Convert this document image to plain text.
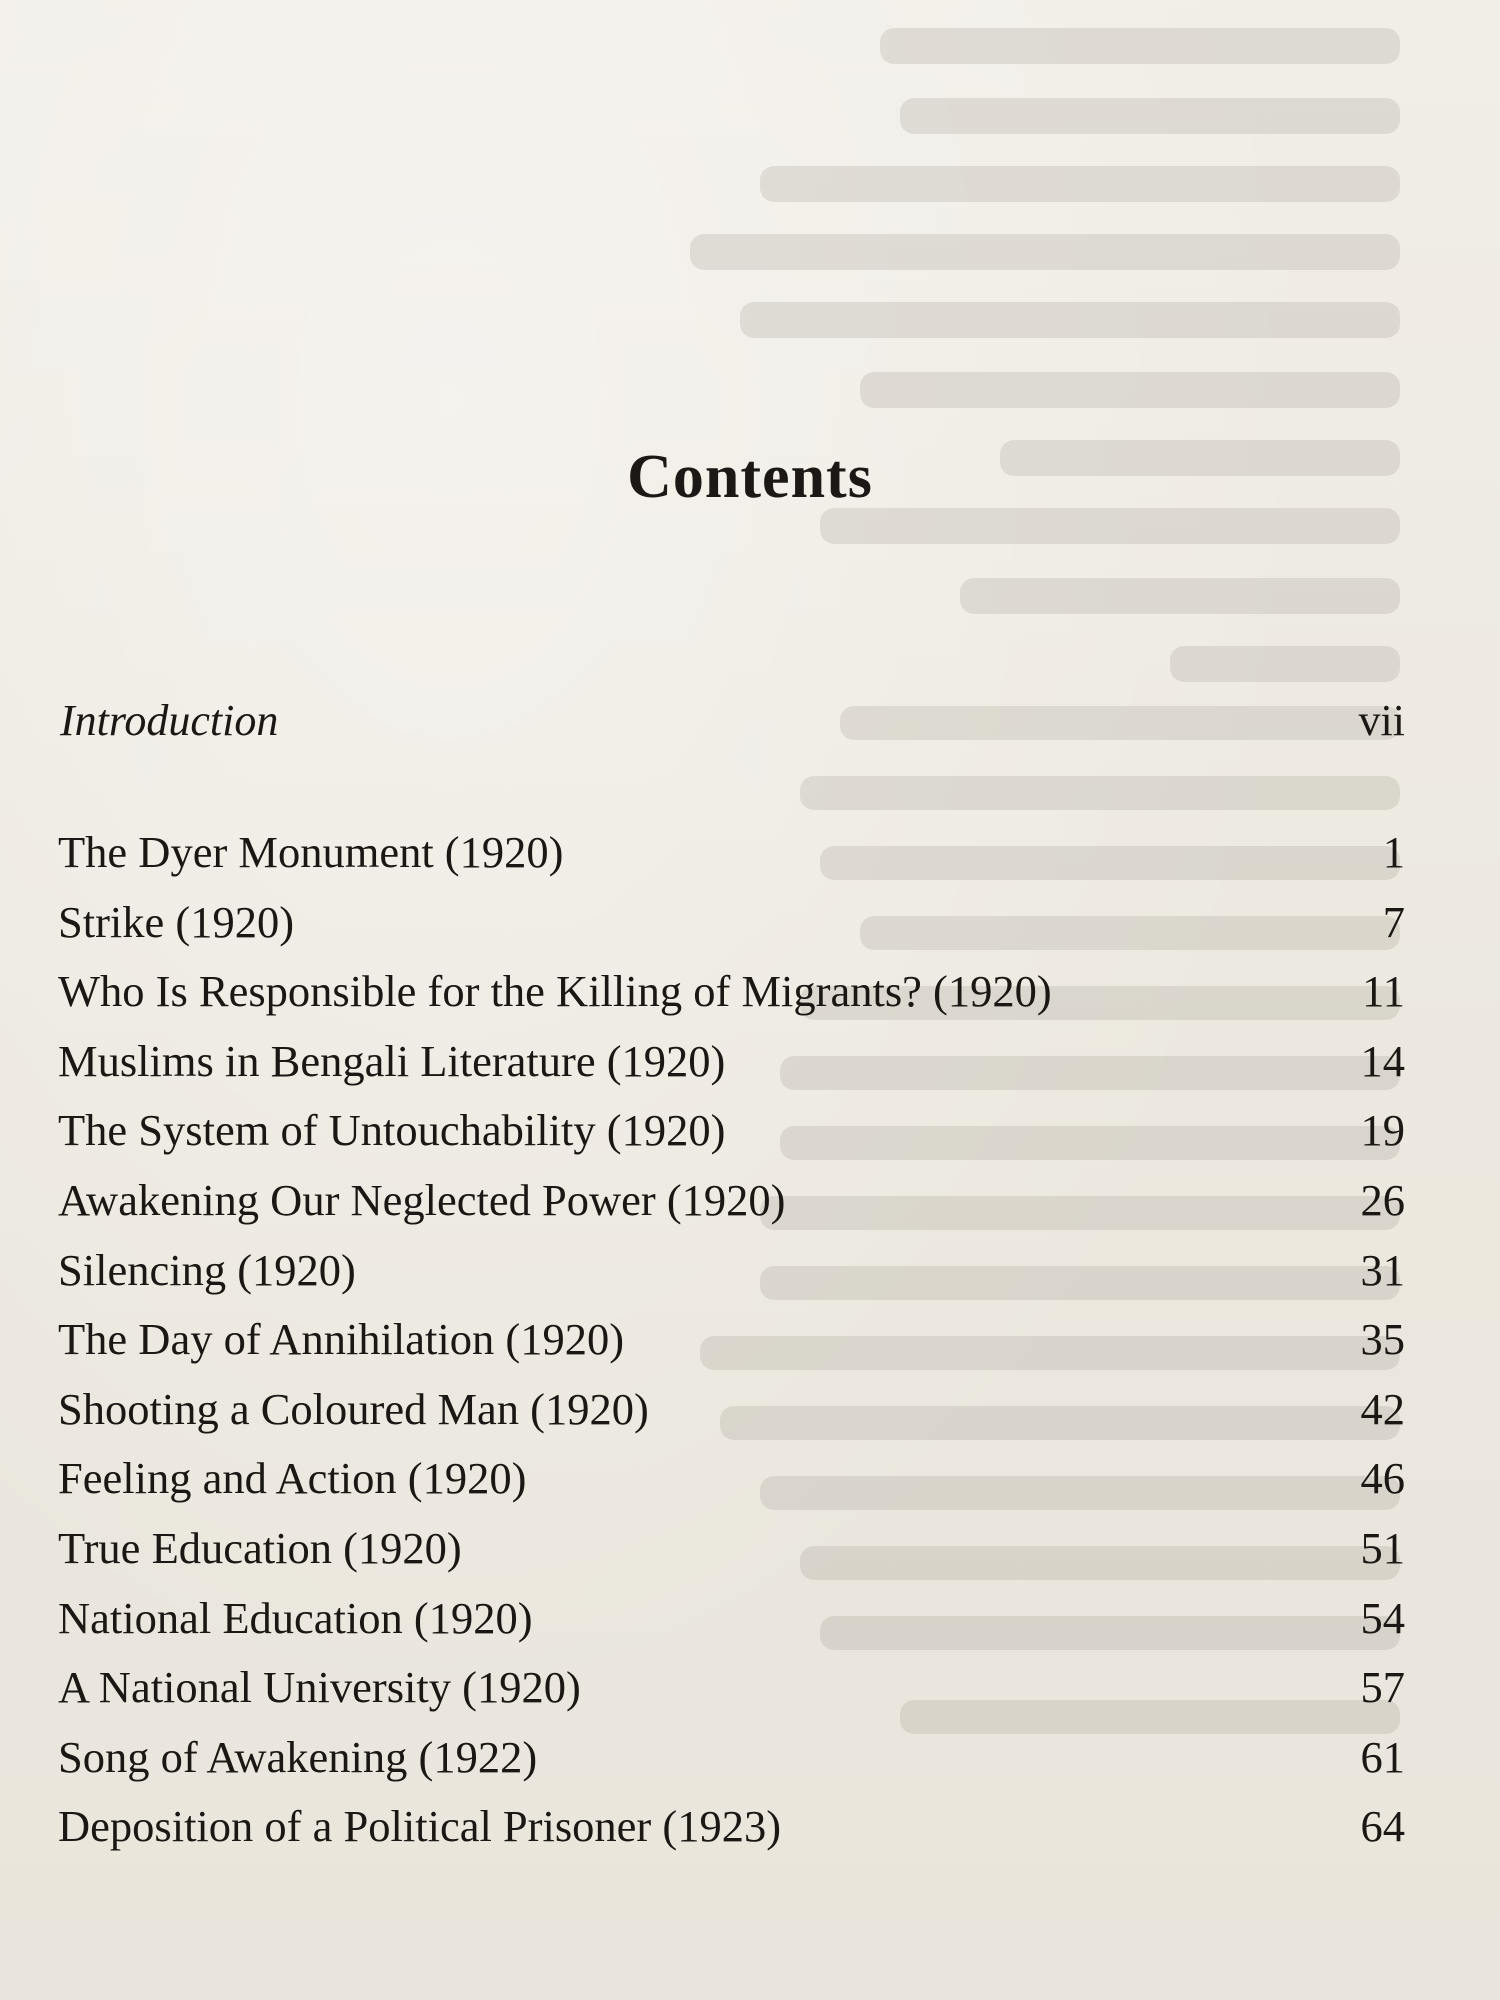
Contents
Introduction	vii
The Dyer Monument (1920)	1
Strike (1920)	7
Who Is Responsible for the Killing of Migrants? (1920)	11
Muslims in Bengali Literature (1920)	14
The System of Untouchability (1920)	19
Awakening Our Neglected Power (1920)	26
Silencing (1920)	31
The Day of Annihilation (1920)	35
Shooting a Coloured Man (1920)	42
Feeling and Action (1920)	46
True Education (1920)	51
National Education (1920)	54
A National University (1920)	57
Song of Awakening (1922)	61
Deposition of a Political Prisoner (1923)	64
